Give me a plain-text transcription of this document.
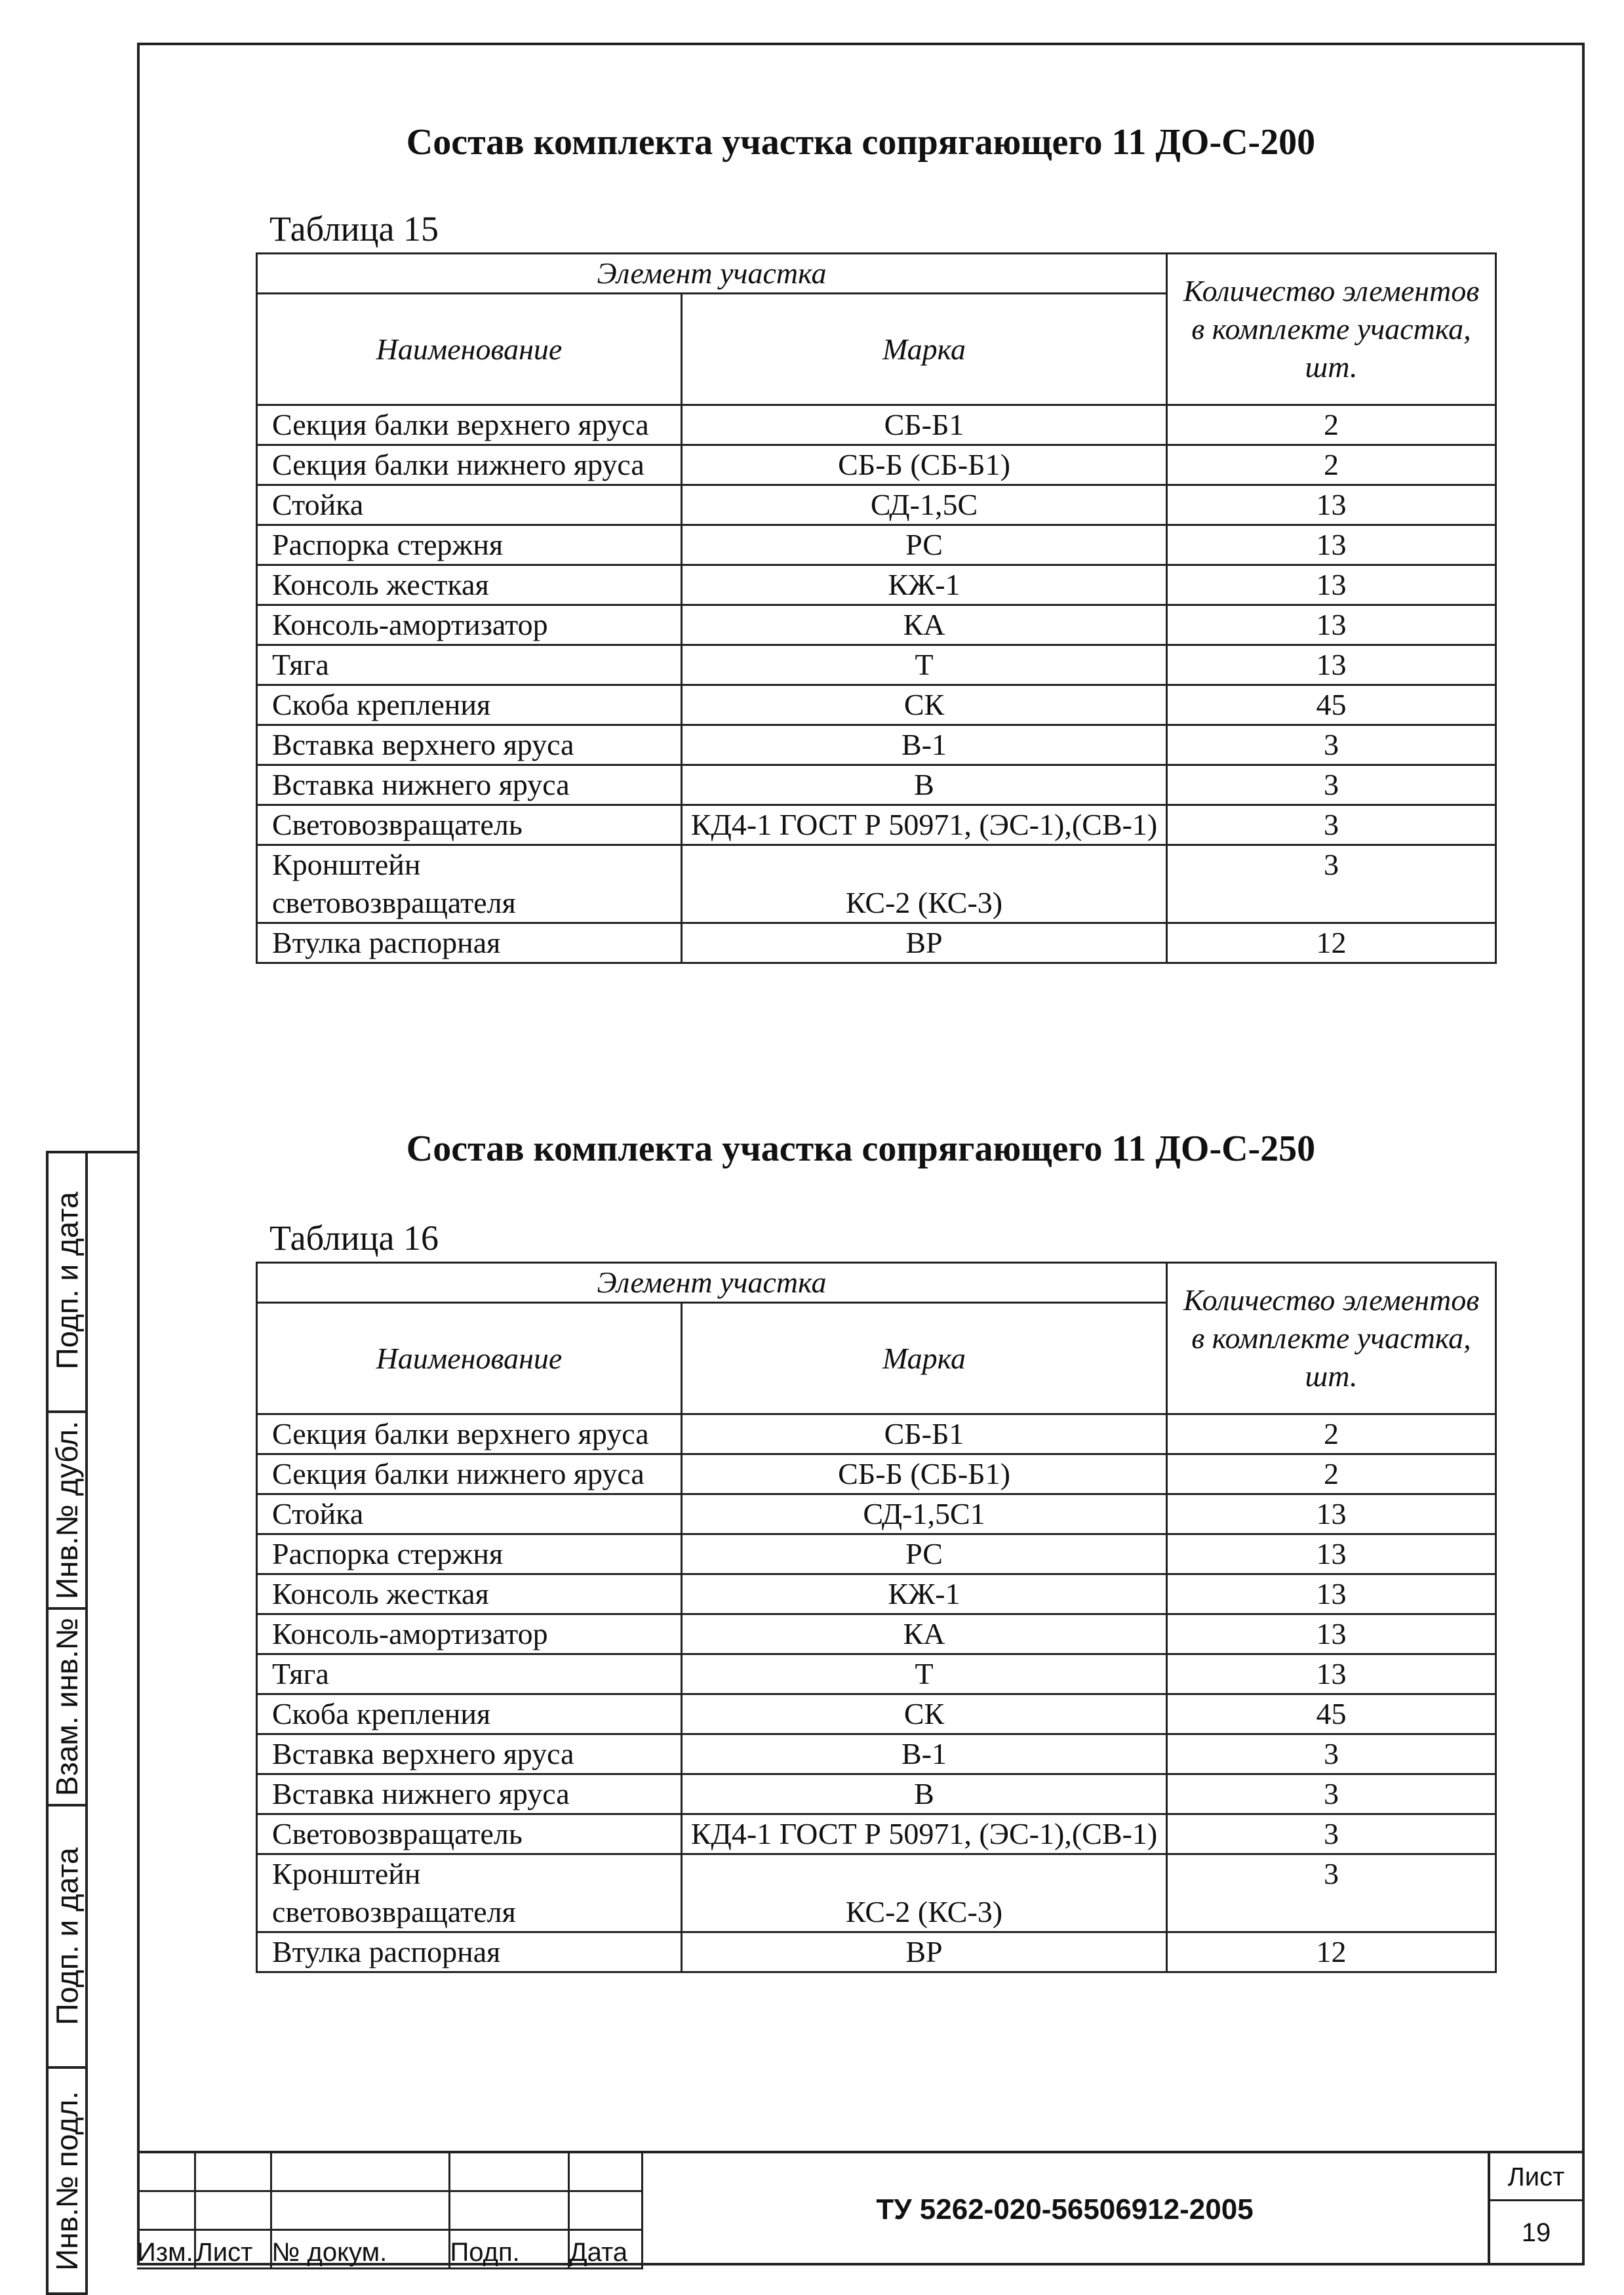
Подп. и дата
Инв.№ дубл.
Взам. инв.№
Подп. и дата
Инв.№ подл.
Состав комплекта участка сопрягающего 11 ДО-С-200
Таблица 15
Элемент участка		Количество элементов в комплекте участка, шт.
Наименование	Марка	
Секция балки верхнего яруса	СБ-Б1	2
Секция балки нижнего яруса	СБ-Б (СБ-Б1)	2
Стойка	СД-1,5С	13
Распорка стержня	РС	13
Консоль жесткая	КЖ-1	13
Консоль-амортизатор	КА	13
Тяга	Т	13
Скоба крепления	СК	45
Вставка верхнего яруса	В-1	3
Вставка нижнего яруса	В	3
Световозвращатель	КД4-1 ГОСТ Р 50971, (ЭС-1),(СВ-1)	3
Кронштейн световозвращателя	КС-2 (КС-3)	3
Втулка распорная	ВР	12
Состав комплекта участка сопрягающего 11 ДО-С-250
Таблица 16
Элемент участка		Количество элементов в комплекте участка, шт.
Наименование	Марка	
Секция балки верхнего яруса	СБ-Б1	2
Секция балки нижнего яруса	СБ-Б (СБ-Б1)	2
Стойка	СД-1,5С1	13
Распорка стержня	РС	13
Консоль жесткая	КЖ-1	13
Консоль-амортизатор	КА	13
Тяга	Т	13
Скоба крепления	СК	45
Вставка верхнего яруса	В-1	3
Вставка нижнего яруса	В	3
Световозвращатель	КД4-1 ГОСТ Р 50971, (ЭС-1),(СВ-1)	3
Кронштейн световозвращателя	КС-2 (КС-3)	3
Втулка распорная	ВР	12

Изм.	Лист	№ докум.	Подп.	Дата
ТУ 5262-020-56506912-2005
Лист
19
